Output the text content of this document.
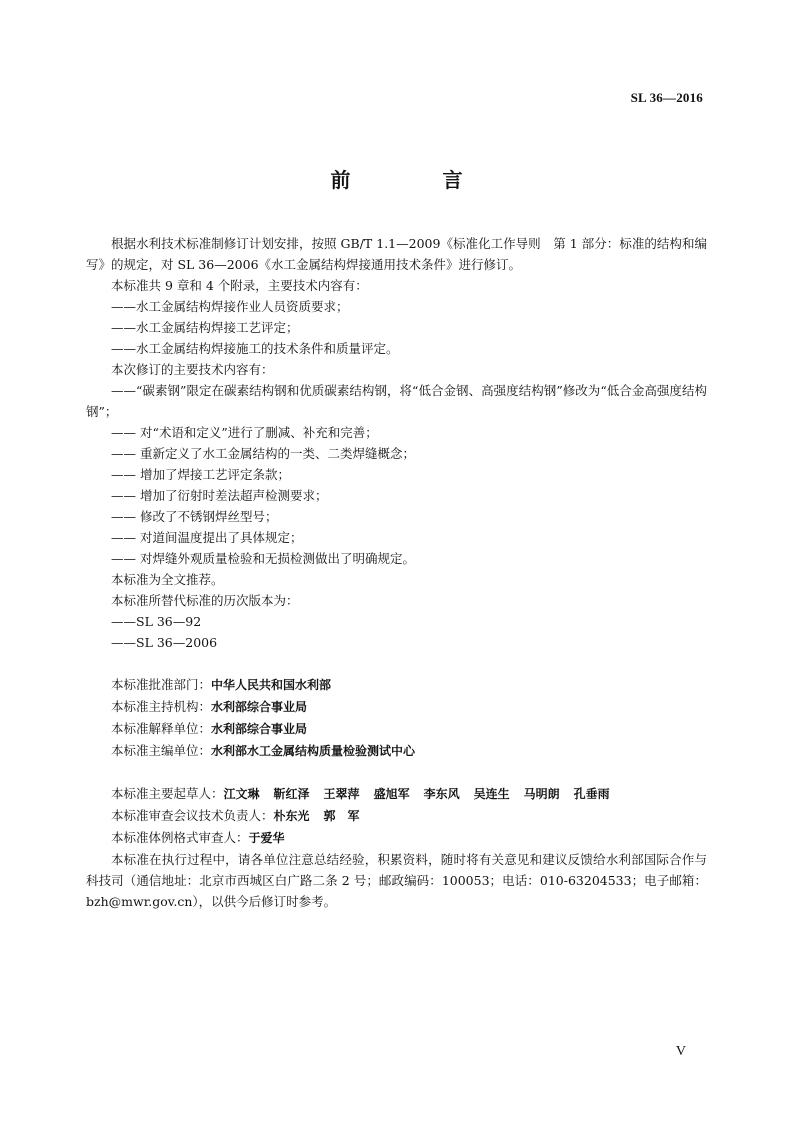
SL 36—2016
前　言

根据水利技术标准制修订计划安排，按照 GB/T 1.1—2009《标准化工作导则　第 1 部分：标准的结构和编写》的规定，对 SL 36—2006《水工金属结构焊接通用技术条件》进行修订。

本标准共 9 章和 4 个附录，主要技术内容有：

——水工金属结构焊接作业人员资质要求；

——水工金属结构焊接工艺评定；

——水工金属结构焊接施工的技术条件和质量评定。

本次修订的主要技术内容有：

——“碳素钢”限定在碳素结构钢和优质碳素结构钢，将“低合金钢、高强度结构钢”修改为“低合金高强度结构钢”；

—— 对“术语和定义”进行了删减、补充和完善；

—— 重新定义了水工金属结构的一类、二类焊缝概念；

—— 增加了焊接工艺评定条款；

—— 增加了衍射时差法超声检测要求；

—— 修改了不锈钢焊丝型号；

—— 对道间温度提出了具体规定；

—— 对焊缝外观质量检验和无损检测做出了明确规定。

本标准为全文推荐。

本标准所替代标准的历次版本为：

——SL 36—92

——SL 36—2006

本标准批准部门：中华人民共和国水利部

本标准主持机构：水利部综合事业局

本标准解释单位：水利部综合事业局

本标准主编单位：水利部水工金属结构质量检验测试中心

本标准主要起草人：江文琳 靳红泽 王翠萍 盛旭军 李东风 吴连生 马明朗 孔垂雨

本标准审查会议技术负责人：朴东光 郭　军

本标准体例格式审查人：于爱华

本标准在执行过程中，请各单位注意总结经验，积累资料，随时将有关意见和建议反馈给水利部国际合作与科技司（通信地址：北京市西城区白广路二条 2 号；邮政编码：100053；电话：010-63204533；电子邮箱：bzh@mwr.gov.cn），以供今后修订时参考。

V
